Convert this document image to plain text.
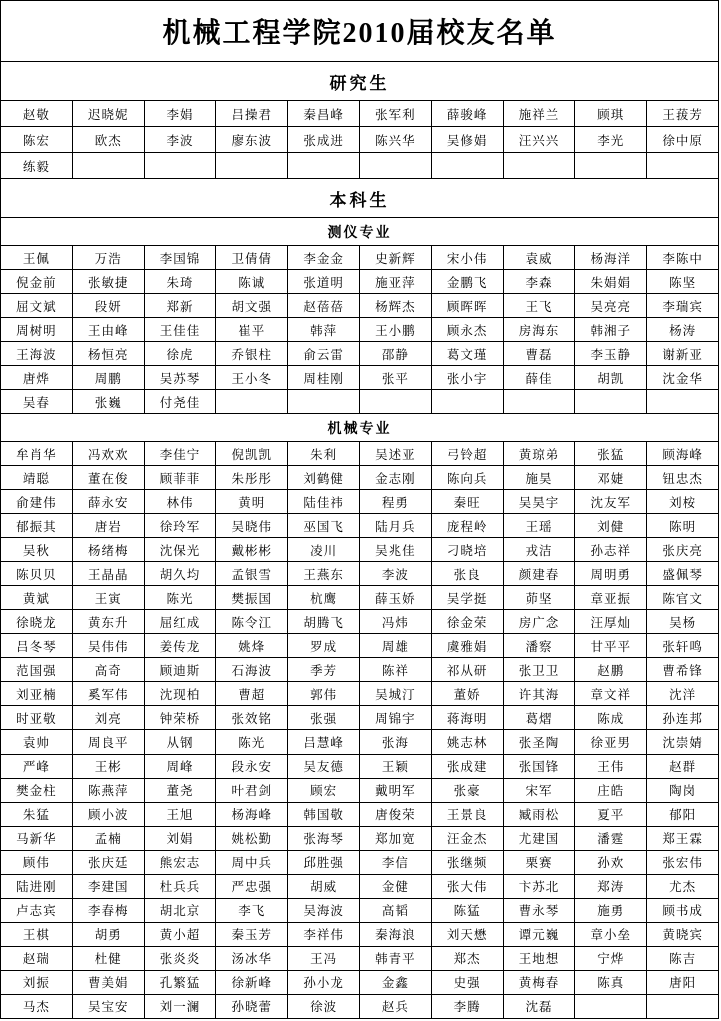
机械工程学院2010届校友名单									
研究生									
赵敬	迟晓妮	李娟	吕操君	秦昌峰	张军利	薛骏峰	施祥兰	顾琪	王菝芳
陈宏	欧杰	李波	廖东波	张成进	陈兴华	吴修娟	汪兴兴	李光	徐中原
练毅									
本科生									
测仪专业									
王佩	万浩	李国锦	卫倩倩	李金金	史新辉	宋小伟	袁威	杨海洋	李陈中
倪金前	张敏捷	朱琦	陈诚	张道明	施亚萍	金鹏飞	李森	朱娟娟	陈坚
屈文斌	段妍	郑新	胡文强	赵蓓蓓	杨辉杰	顾晖晖	王飞	吴亮亮	李瑞宾
周树明	王由峰	王佳佳	崔平	韩萍	王小鹏	顾永杰	房海东	韩湘子	杨涛
王海波	杨恒亮	徐虎	乔银柱	俞云雷	邵静	葛文瑾	曹磊	李玉静	谢新亚
唐烨	周鹏	吴苏琴	王小冬	周桂刚	张平	张小宇	薛佳	胡凯	沈金华
吴春	张巍	付尧佳							
机械专业									
牟肖华	冯欢欢	李佳宁	倪凯凯	朱利	吴述亚	弓铃超	黄琼弟	张猛	顾海峰
靖聪	董在俊	顾菲菲	朱彤彤	刘鹤健	金志刚	陈向兵	施昊	邓婕	钮忠杰
俞建伟	薛永安	林伟	黄明	陆佳祎	程勇	秦旺	吴昊宇	沈友军	刘桉
郁振其	唐岩	徐玲军	吴晓伟	巫国飞	陆月兵	庞程岭	王瑶	刘健	陈明
吴秋	杨绪梅	沈保光	戴彬彬	凌川	吴兆佳	刁晓培	戎洁	孙志祥	张庆亮
陈贝贝	王晶晶	胡久均	孟银雪	王燕东	李波	张良	颜建春	周明勇	盛佩琴
黄斌	王寅	陈光	樊振国	杭鹰	薛玉娇	吴学挺	茆坚	章亚振	陈官文
徐晓龙	黄东升	屈红成	陈令江	胡腾飞	冯炜	徐金荣	房广念	汪厚灿	吴杨
吕冬琴	吴伟伟	姜传龙	姚烽	罗成	周雄	虞雅娟	潘察	甘平平	张轩鸣
范国强	高奇	顾迪斯	石海波	季芳	陈祥	祁从研	张卫卫	赵鹏	曹希锋
刘亚楠	奚军伟	沈现柏	曹超	郭伟	吴城汀	董娇	许其海	章文祥	沈洋
时亚敬	刘亮	钟荣桥	张效铭	张强	周锦宇	蒋海明	葛熠	陈成	孙连邦
袁帅	周良平	从钢	陈光	吕慧峰	张海	姚志林	张圣陶	徐亚男	沈崇婧
严峰	王彬	周峰	段永安	吴友德	王颖	张成建	张国锋	王伟	赵群
樊金柱	陈燕萍	董尧	叶君剑	顾宏	戴明军	张豪	宋军	庄皓	陶岗
朱猛	顾小波	王旭	杨海峰	韩国敬	唐俊荣	王景良	臧雨松	夏平	郁阳
马新华	孟楠	刘娟	姚松勤	张海琴	郑加宽	汪金杰	尤建国	潘霆	郑王霖
顾伟	张庆廷	熊宏志	周中兵	邱胜强	李信	张继频	栗赛	孙欢	张宏伟
陆进刚	李建国	杜兵兵	严忠强	胡威	金健	张大伟	卞苏北	郑涛	尤杰
卢志宾	李春梅	胡北京	李飞	吴海波	高韬	陈猛	曹永琴	施勇	顾书成
王棋	胡勇	黄小超	秦玉芳	李祥伟	秦海浪	刘天懋	谭元巍	章小垒	黄晓宾
赵瑞	杜健	张炎炎	汤冰华	王冯	韩青平	郑杰	王地想	宁烨	陈吉
刘振	曹美娟	孔繁猛	徐新峰	孙小龙	金鑫	史强	黄梅春	陈真	唐阳
马杰	吴宝安	刘一澜	孙晓蕾	徐波	赵兵	李腾	沈磊		
